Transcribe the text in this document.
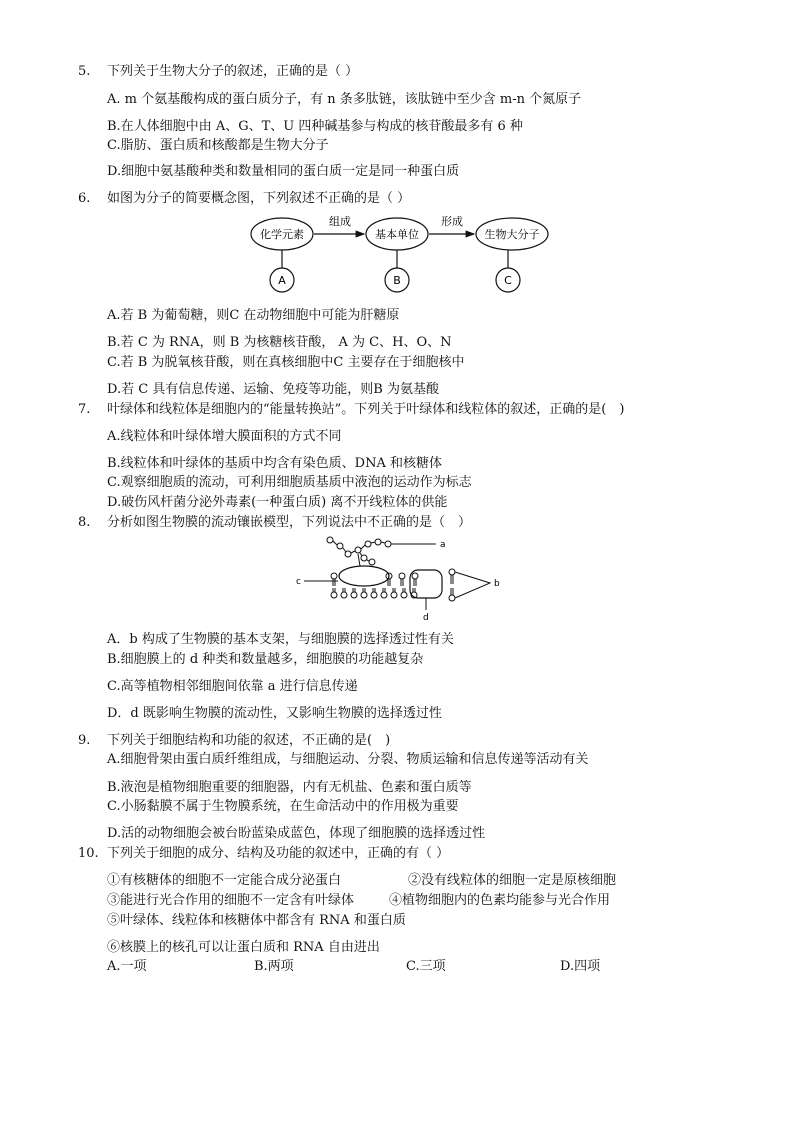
5. 下列关于生物大分子的叙述，正确的是（ ）
A. m 个氨基酸构成的蛋白质分子，有 n 条多肽链，该肽链中至少含 m-n 个氮原子
B.在人体细胞中由 A、G、T、U 四种碱基参与构成的核苷酸最多有 6 种
C.脂肪、蛋白质和核酸都是生物大分子
D.细胞中氨基酸种类和数量相同的蛋白质一定是同一种蛋白质
6. 如图为分子的简要概念图，下列叙述不正确的是（ ）
化学元素	基本单位	生物大分子
组成	形成
A	B	C
A.若 B 为葡萄糖，则C 在动物细胞中可能为肝糖原
B.若 C 为 RNA，则 B 为核糖核苷酸， A 为 C、H、O、N
C.若 B 为脱氧核苷酸，则在真核细胞中C 主要存在于细胞核中
D.若 C 具有信息传递、运输、免疫等功能，则B 为氨基酸
7. 叶绿体和线粒体是细胞内的“能量转换站”。下列关于叶绿体和线粒体的叙述，正确的是(　)
A.线粒体和叶绿体增大膜面积的方式不同
B.线粒体和叶绿体的基质中均含有染色质、DNA 和核糖体
C.观察细胞质的流动，可利用细胞质基质中液泡的运动作为标志
D.破伤风杆菌分泌外毒素(一种蛋白质) 离不开线粒体的供能
8. 分析如图生物膜的流动镶嵌模型，下列说法中不正确的是（　）
a
c
d
b
A．b 构成了生物膜的基本支架，与细胞膜的选择透过性有关
B.细胞膜上的 d 种类和数量越多，细胞膜的功能越复杂
C.高等植物相邻细胞间依靠 a 进行信息传递
D．d 既影响生物膜的流动性，又影响生物膜的选择透过性
9. 下列关于细胞结构和功能的叙述，不正确的是(　)
A.细胞骨架由蛋白质纤维组成，与细胞运动、分裂、物质运输和信息传递等活动有关
B.液泡是植物细胞重要的细胞器，内有无机盐、色素和蛋白质等
C.小肠黏膜不属于生物膜系统，在生命活动中的作用极为重要
D.活的动物细胞会被台盼蓝染成蓝色，体现了细胞膜的选择透过性
10. 下列关于细胞的成分、结构及功能的叙述中，正确的有（ ）
①有核糖体的细胞不一定能合成分泌蛋白	②没有线粒体的细胞一定是原核细胞
③能进行光合作用的细胞不一定含有叶绿体	④植物细胞内的色素均能参与光合作用
⑤叶绿体、线粒体和核糖体中都含有 RNA 和蛋白质
⑥核膜上的核孔可以让蛋白质和 RNA 自由进出
A.一项	B.两项	C.三项	D.四项
